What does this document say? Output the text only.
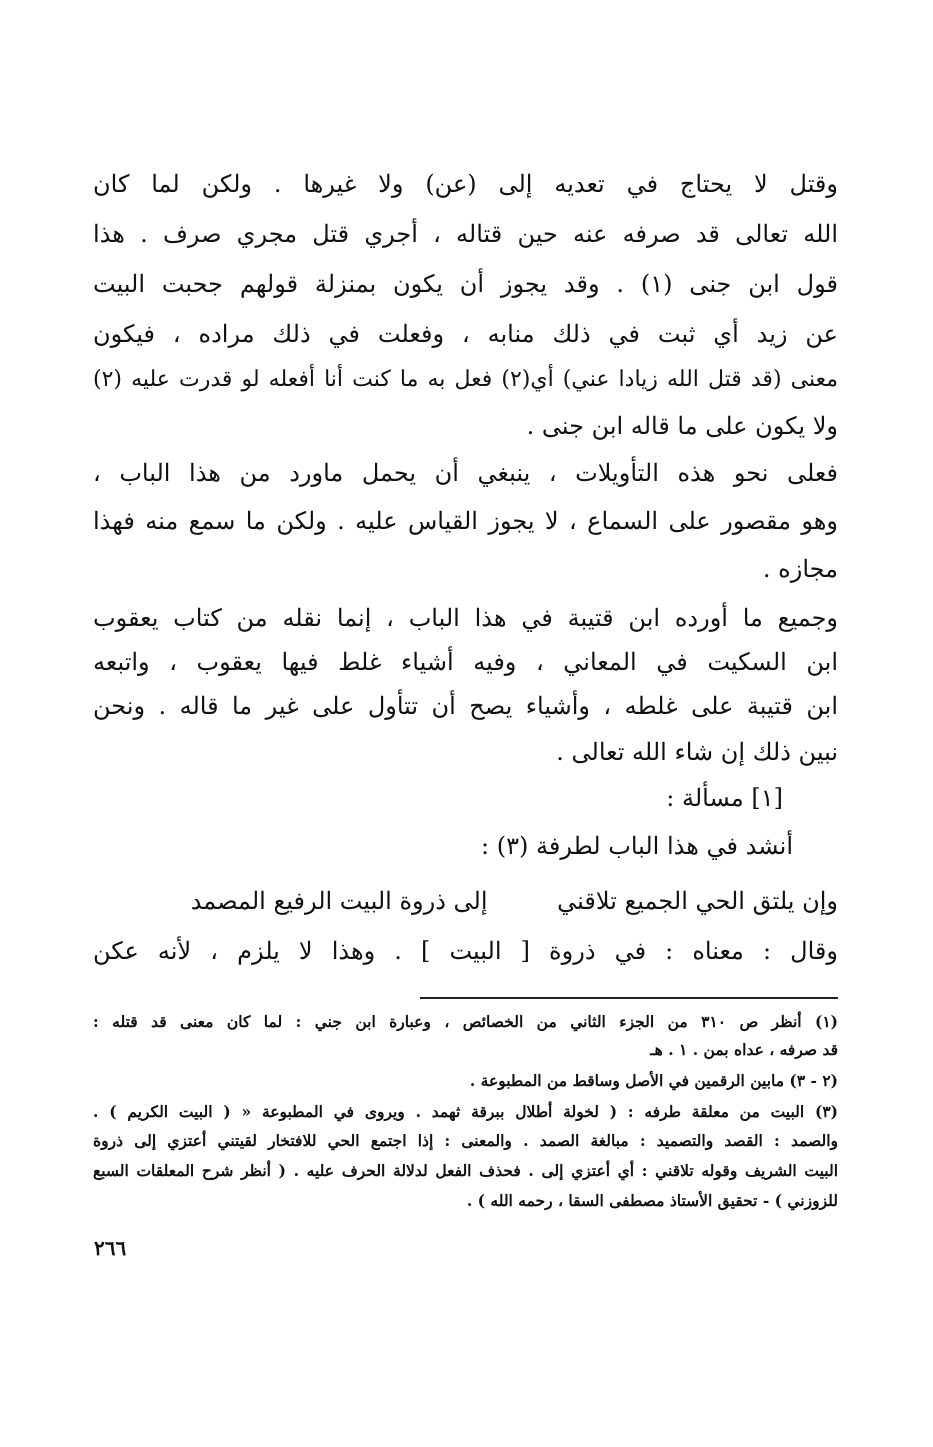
وقتل لا يحتاج في تعديه إلى (عن) ولا غيرها . ولكن لما كان
الله تعالى قد صرفه عنه حين قتاله ، أجري قتل مجري صرف . هذا
قول ابن جنى (١) . وقد يجوز أن يكون بمنزلة قولهم جحبت البيت
عن زيد أي ثبت في ذلك منابه ، وفعلت في ذلك مراده ، فيكون
معنى (قد قتل الله زيادا عني) أي(٢) فعل به ما كنت أنا أفعله لو قدرت عليه (٢)
ولا يكون على ما قاله ابن جنى .
فعلى نحو هذه التأويلات ، ينبغي أن يحمل ماورد من هذا الباب ،
وهو مقصور على السماع ، لا يجوز القياس عليه . ولكن ما سمع منه فهذا
مجازه .
وجميع ما أورده ابن قتيبة في هذا الباب ، إنما نقله من كتاب يعقوب
ابن السكيت في المعاني ، وفيه أشياء غلط فيها يعقوب ، واتبعه
ابن قتيبة على غلطه ، وأشياء يصح أن تتأول على غير ما قاله . ونحن
نبين ذلك إن شاء الله تعالى .
[١] مسألة :
أنشد في هذا الباب لطرفة (٣) :
وإن يلتق الحي الجميع تلاقني إلى ذروة البيت الرفيع المصمد
وقال : معناه : في ذروة [ البيت ] . وهذا لا يلزم ، لأنه عكن
(١) أنظر ص ٣١٠ من الجزء الثاني من الخصائص ، وعبارة ابن جني : لما كان معنى قد قتله :
قد صرفه ، عداه بمن . ١ . هـ
(٢ - ٣) مابين الرقمين في الأصل وساقط من المطبوعة .
(٣) البيت من معلقة طرفه : ( لخولة أطلال ببرقة ثهمد . ويروى في المطبوعة « ( البيت الكريم ) .
والصمد : القصد والتصميد : مبالغة الصمد . والمعنى : إذا اجتمع الحي للافتخار لقيتني أعتزي إلى ذروة
البيت الشريف وقوله تلاقني : أي أعتزي إلى . فحذف الفعل لدلالة الحرف عليه . ( أنظر شرح المعلقات السبع
للزوزني ) - تحقيق الأستاذ مصطفى السقا ، رحمه الله ) .
٢٦٦
